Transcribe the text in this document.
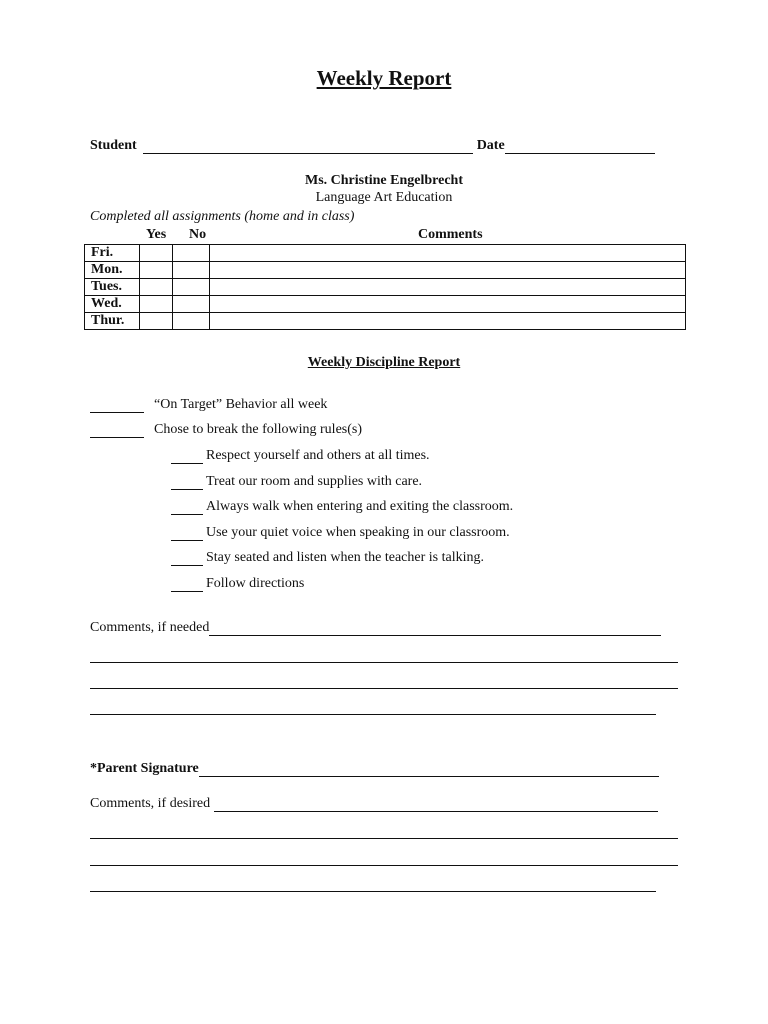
Weekly Report
Student	Date
Ms. Christine Engelbrecht
Language Art Education
Completed all assignments (home and in class)
Yes No	Comments
Fri.			
Mon.			
Tues.			
Wed.			
Thur.			
Weekly Discipline Report
“On Target” Behavior all week
Chose to break the following rules(s)
Respect yourself and others at all times.
Treat our room and supplies with care.
Always walk when entering and exiting the classroom.
Use your quiet voice when speaking in our classroom.
Stay seated and listen when the teacher is talking.
Follow directions
Comments, if needed
*Parent Signature
Comments, if desired
